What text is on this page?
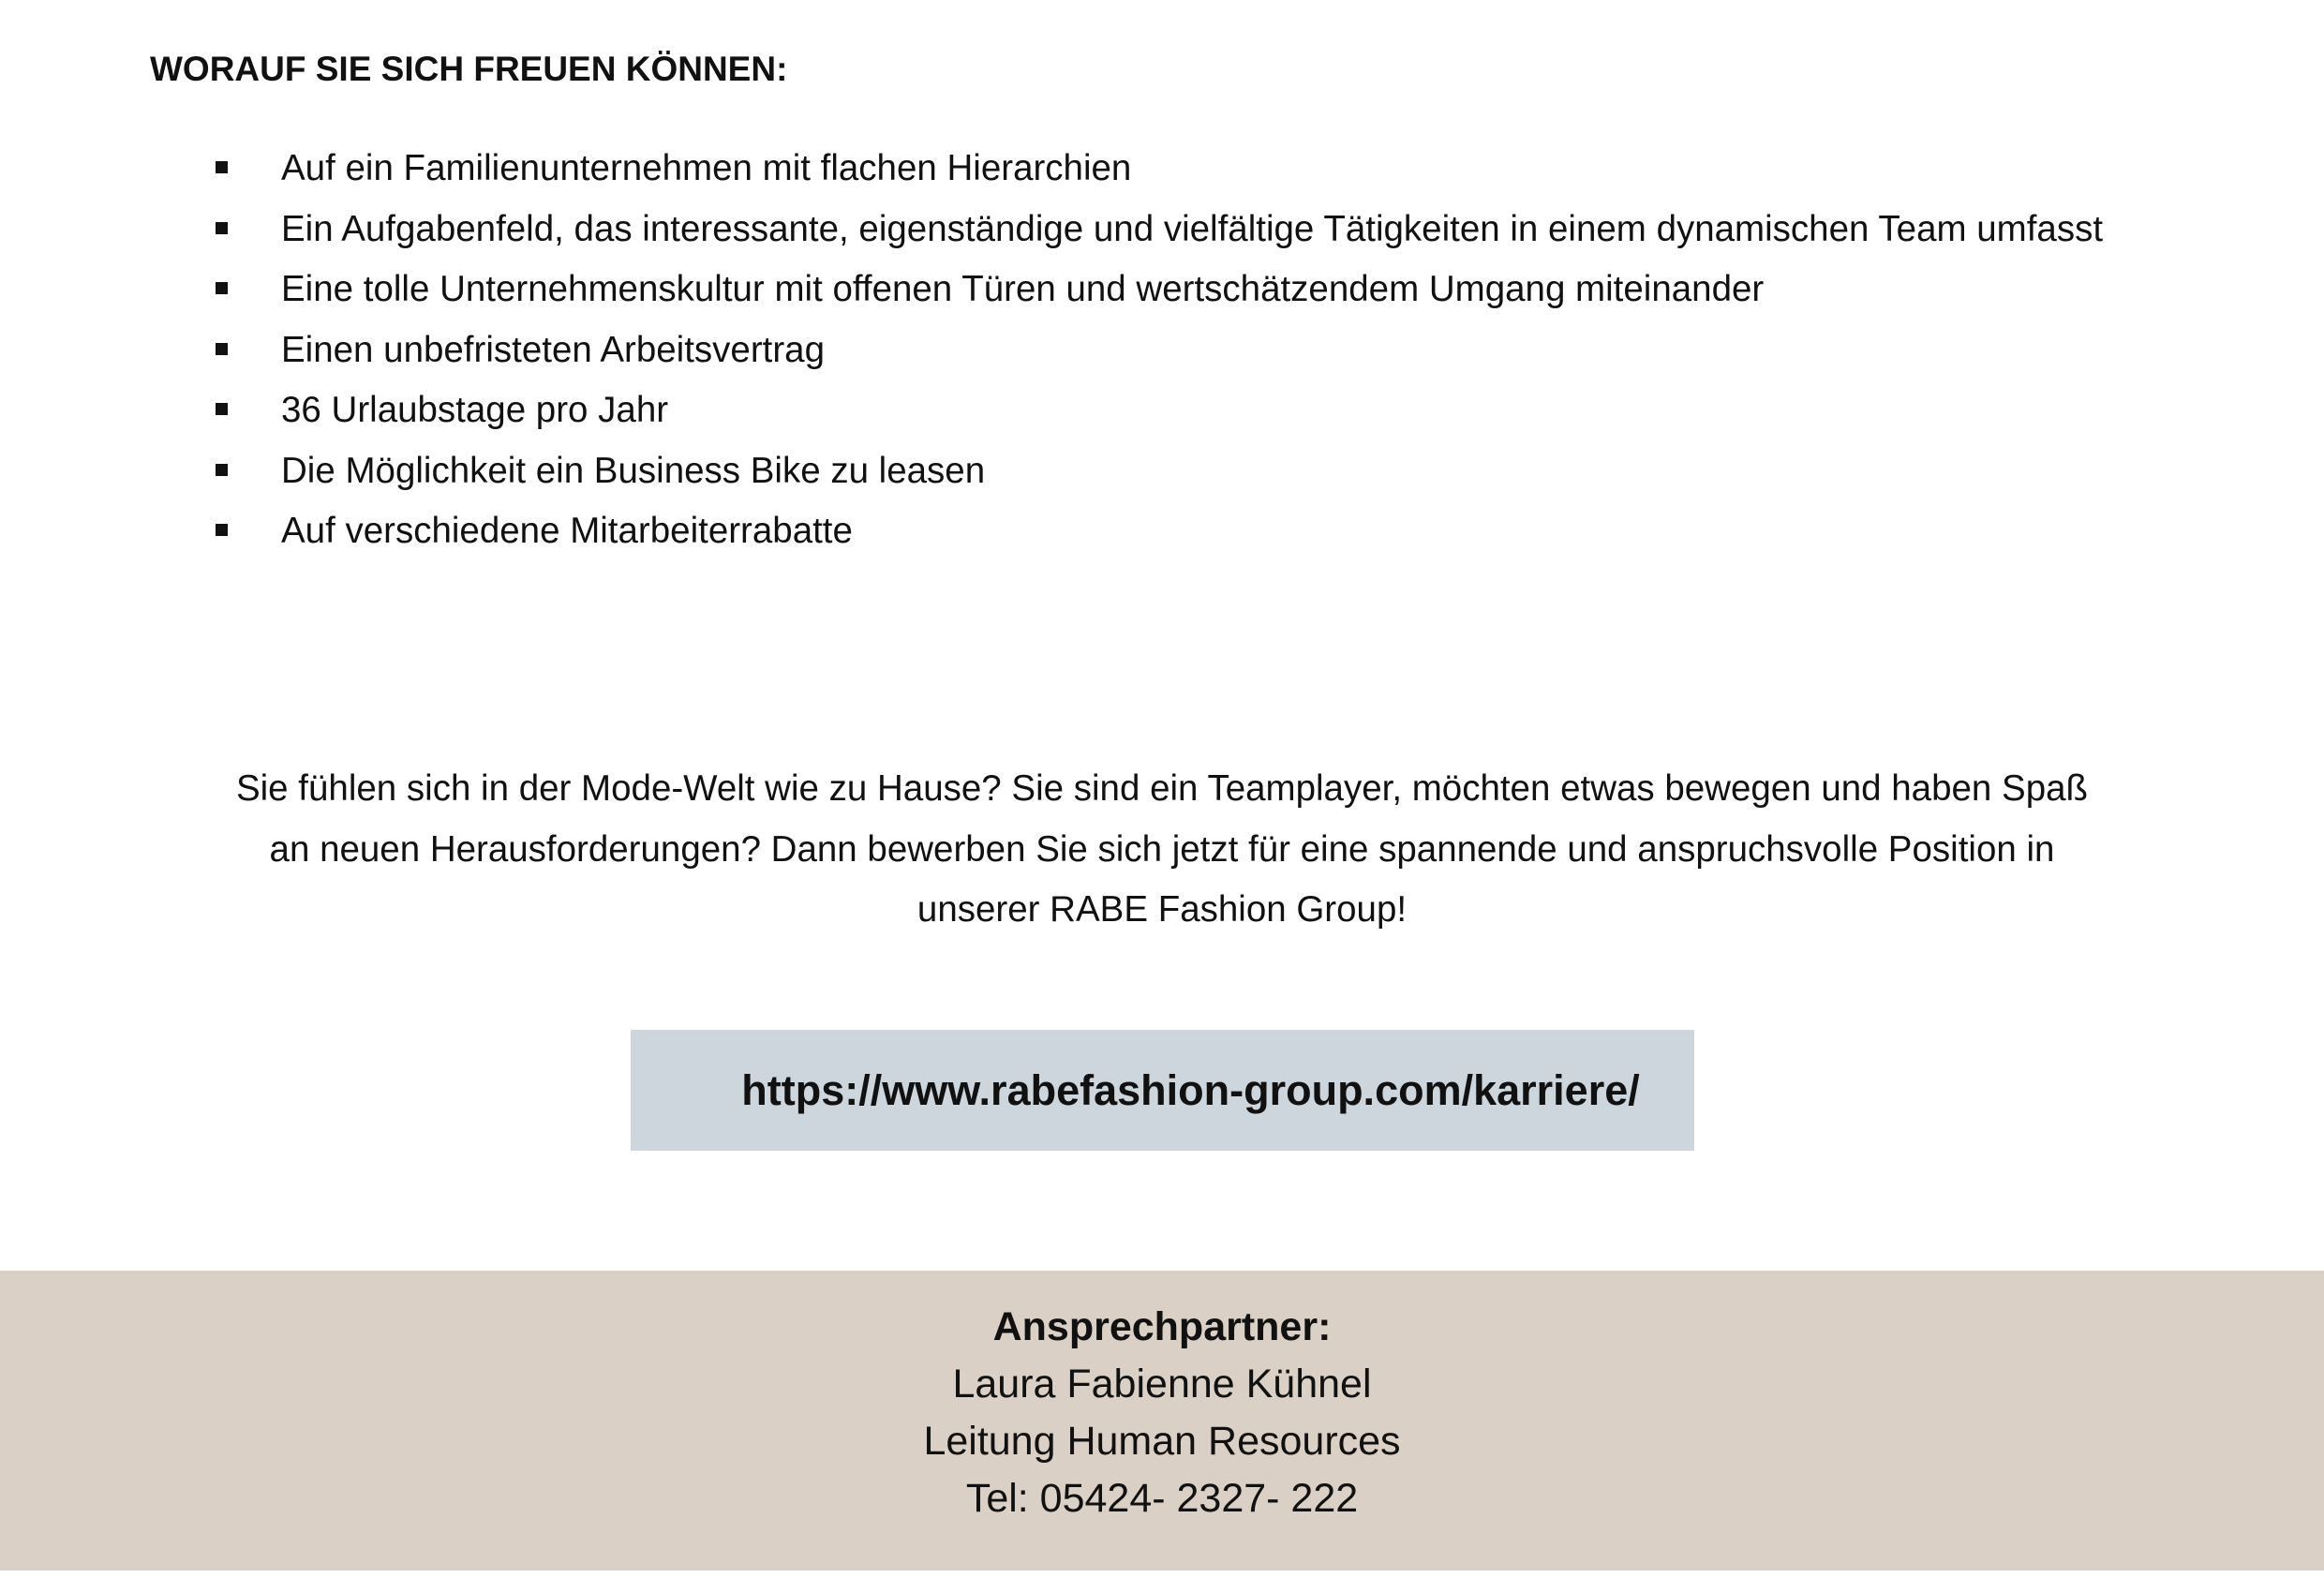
WORAUF SIE SICH FREUEN KÖNNEN:
Auf ein Familienunternehmen mit flachen Hierarchien
Ein Aufgabenfeld, das interessante, eigenständige und vielfältige Tätigkeiten in einem dynamischen Team umfasst
Eine tolle Unternehmenskultur mit offenen Türen und wertschätzendem Umgang miteinander
Einen unbefristeten Arbeitsvertrag
36 Urlaubstage pro Jahr
Die Möglichkeit ein Business Bike zu leasen
Auf verschiedene Mitarbeiterrabatte

Sie fühlen sich in der Mode-Welt wie zu Hause? Sie sind ein Teamplayer, möchten etwas bewegen und haben Spaß
an neuen Herausforderungen? Dann bewerben Sie sich jetzt für eine spannende und anspruchsvolle Position in
unserer RABE Fashion Group!

https://www.rabefashion-group.com/karriere/
Ansprechpartner:
Laura Fabienne Kühnel
Leitung Human Resources
Tel: 05424- 2327- 222
